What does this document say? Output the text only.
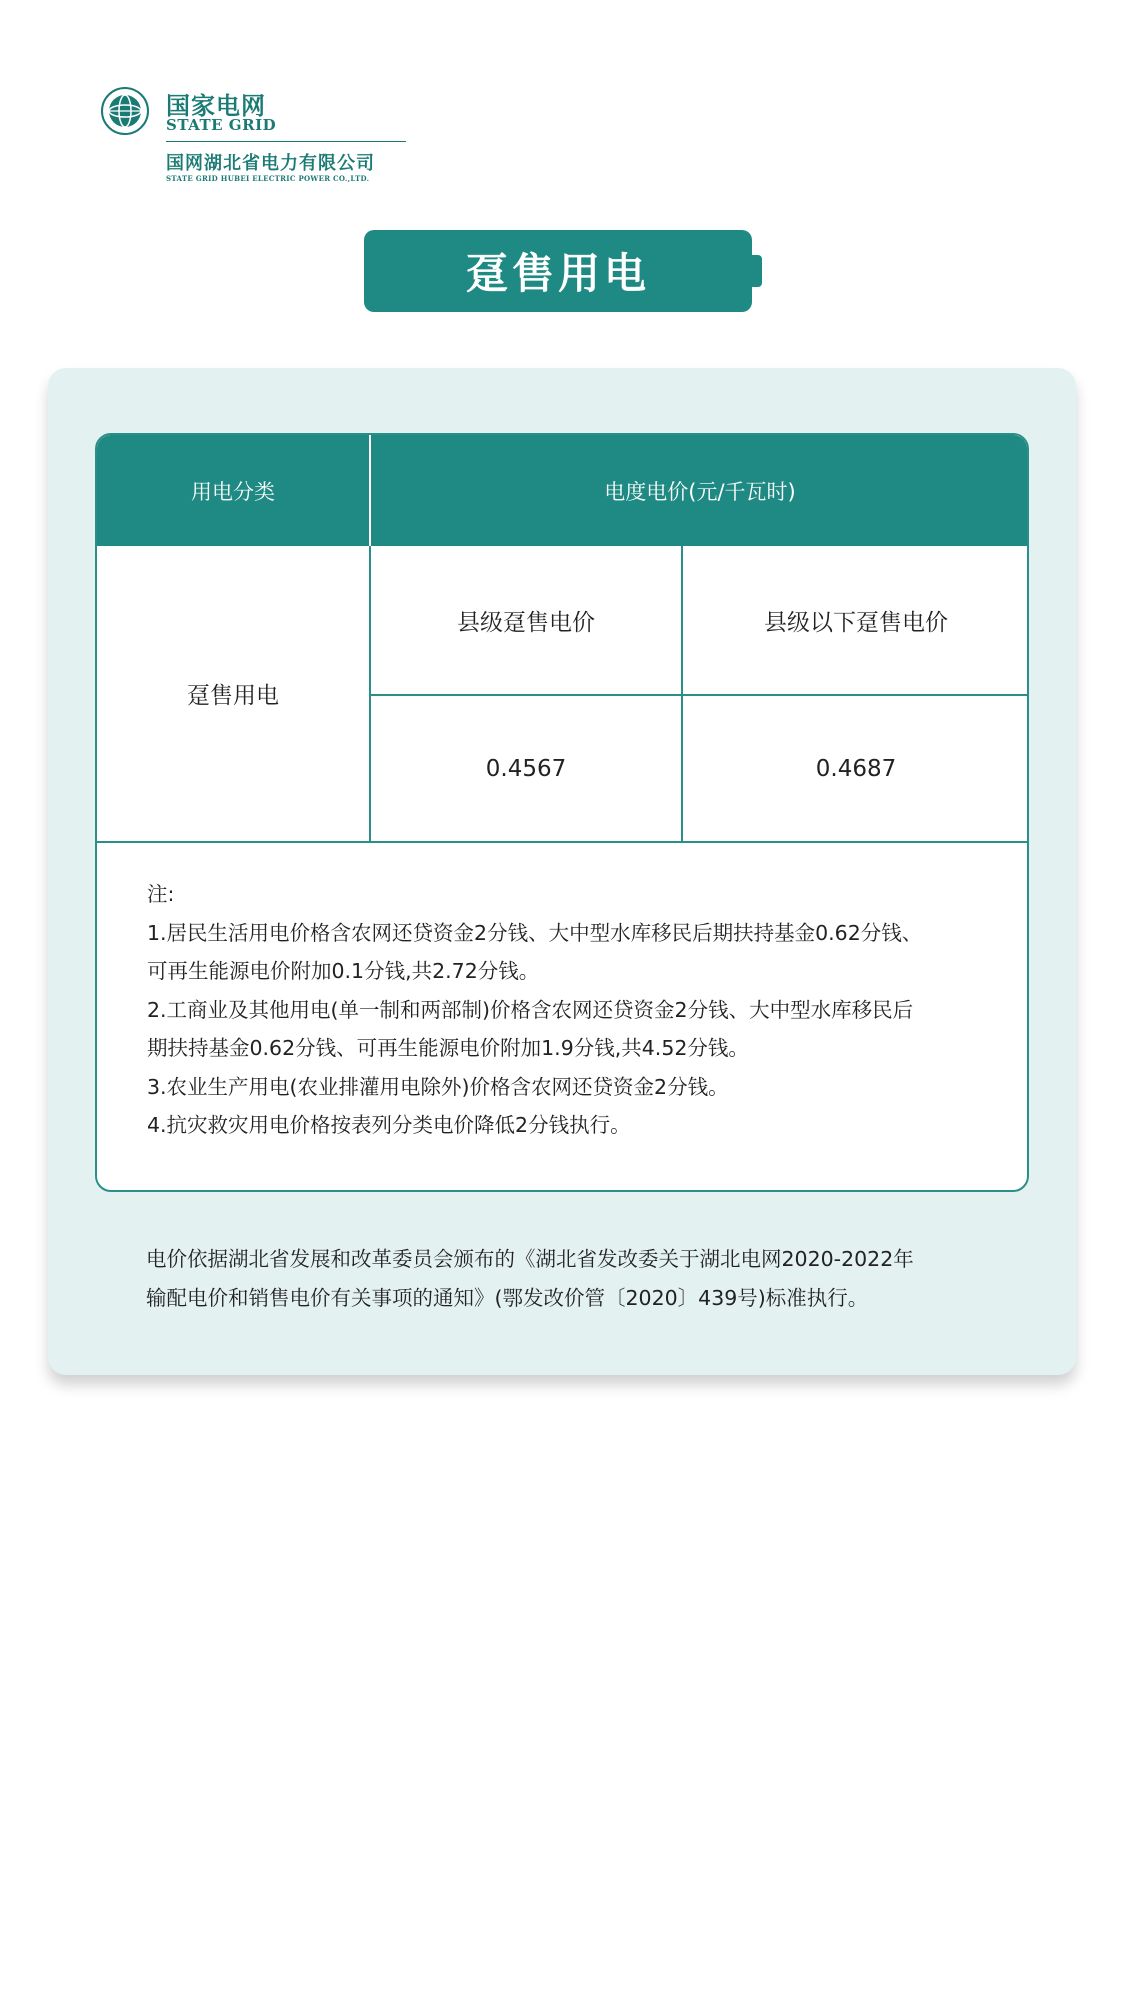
国家电网
STATE GRID
国网湖北省电力有限公司
STATE GRID HUBEI ELECTRIC POWER CO.,LTD.
趸售用电
用电分类	电度电价(元/千瓦时)
趸售用电
县级趸售电价	县级以下趸售电价
0.4567	0.4687
注:
1.居民生活用电价格含农网还贷资金2分钱、大中型水库移民后期扶持基金0.62分钱、
可再生能源电价附加0.1分钱,共2.72分钱。
2.工商业及其他用电(单一制和两部制)价格含农网还贷资金2分钱、大中型水库移民后
期扶持基金0.62分钱、可再生能源电价附加1.9分钱,共4.52分钱。
3.农业生产用电(农业排灌用电除外)价格含农网还贷资金2分钱。
4.抗灾救灾用电价格按表列分类电价降低2分钱执行。
电价依据湖北省发展和改革委员会颁布的《湖北省发改委关于湖北电网2020-2022年
输配电价和销售电价有关事项的通知》(鄂发改价管〔2020〕439号)标准执行。
